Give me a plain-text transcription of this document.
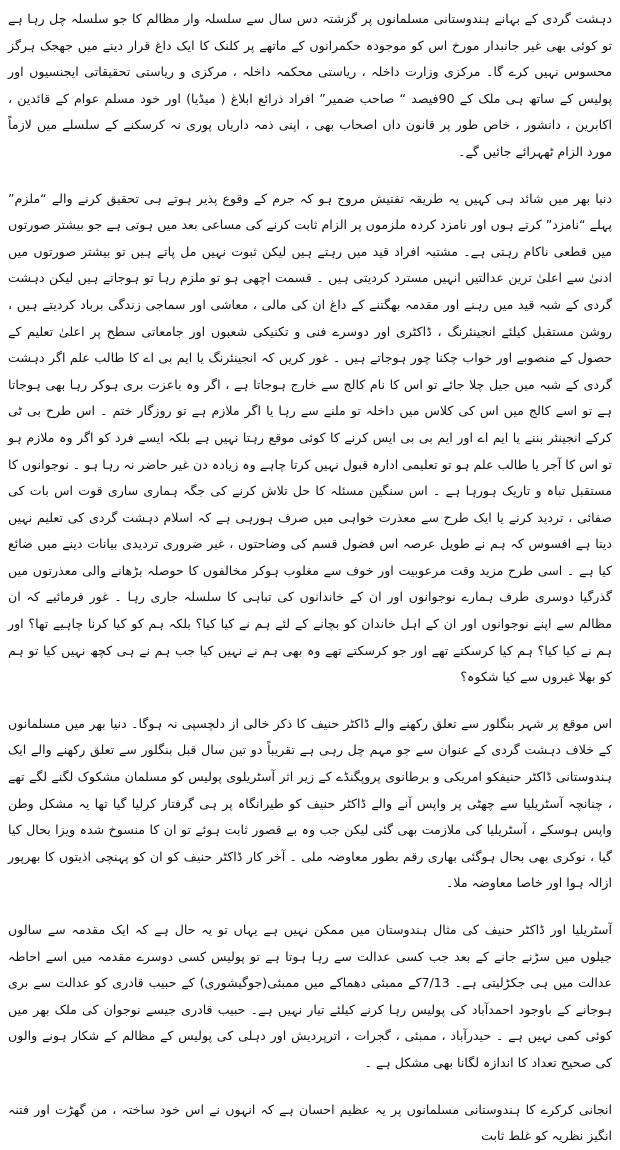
دہشت گردی کے بہانے ہندوستانی مسلمانوں پر گزشتہ دس سال سے سلسلہ وار مظالم کا جو سلسلہ چل رہا ہے تو کوئی بھی غیر جانبدار مورخ اس کو موجودہ حکمرانوں کے ماتھے پر کلنک کا ایک داغ قرار دینے میں جھجک ہرگز محسوس نہیں کرے گا۔ مرکزی وزارت داخلہ ، ریاستی محکمہ داخلہ ، مرکزی و ریاستی تحقیقاتی ایجنسیوں اور پولیس کے ساتھ ہی ملک کے 90فیصد “ صاحب ضمیر” افراد ذرائع ابلاغ ( میڈیا) اور خود مسلم عوام کے قائدین ، اکابرین ، دانشور ، خاص طور پر قانون داں اصحاب بھی ، اپنی ذمہ داریاں پوری نہ کرسکنے کے سلسلے میں لازماً مورد الزام ٹھہرائے جائیں گے۔

دنیا بھر میں شائد ہی کہیں یہ طریقہ تفتیش مروج ہو کہ جرم کے وقوع پذیر ہوتے ہی تحقیق کرنے والے “ملزم” پہلے “نامزد” کرتے ہوں اور نامزد کردہ ملزموں پر الزام ثابت کرنے کی مساعی بعد میں ہوتی ہے جو بیشتر صورتوں میں قطعی ناکام رہتی ہے۔ مشتبہ افراد قید میں رہتے ہیں لیکن ثبوت نہیں مل پاتے ہیں تو بیشتر صورتوں میں ادنیٰ سے اعلیٰ ترین عدالتیں انہیں مسترد کردیتی ہیں ۔ قسمت اچھی ہو تو ملزم رہا تو ہوجاتے ہیں لیکن دہشت گردی کے شبہ قید میں رہنے اور مقدمہ بھگتنے کے داغ ان کی مالی ، معاشی اور سماجی زندگی برباد کردیتے ہیں ، روشن مستقبل کیلئے انجینئرنگ ، ڈاکٹری اور دوسرے فنی و تکنیکی شعبوں اور جامعاتی سطح پر اعلیٰ تعلیم کے حصول کے منصوبے اور خواب چکنا چور ہوجاتے ہیں ۔ غور کریں کہ انجینئرنگ یا ایم بی اے کا طالب علم اگر دہشت گردی کے شبہ میں جیل چلا جائے تو اس کا نام کالج سے خارج ہوجاتا ہے ، اگر وہ باعزت بری ہوکر رہا بھی ہوجاتا ہے تو اسے کالج میں اس کی کلاس میں داخلہ تو ملنے سے رہا یا اگر ملازم ہے تو روزگار ختم ۔ اس طرح بی ٹی کرکے انجینئر بننے یا ایم اے اور ایم بی بی ایس کرنے کا کوئی موقع رہتا نہیں ہے بلکہ ایسے فرد کو اگر وہ ملازم ہو تو اس کا آجر یا طالب علم ہو تو تعلیمی ادارہ قبول نہیں کرتا چاہے وہ زیادہ دن غیر حاضر نہ رہا ہو ۔ نوجوانوں کا مستقبل تباہ و تاریک ہورہا ہے ۔ اس سنگین مسئلہ کا حل تلاش کرنے کی جگہ ہماری ساری قوت اس بات کی صفائی ، تردید کرنے یا ایک طرح سے معذرت خواہی میں صرف ہورہی ہے کہ اسلام دہشت گردی کی تعلیم نہیں دیتا ہے افسوس کہ ہم نے طویل عرصہ اس فضول قسم کی وضاحتوں ، غیر ضروری تردیدی بیانات دینے میں ضائع کیا ہے ۔ اسی طرح مزید وقت مرعوبیت اور خوف سے مغلوب ہوکر مخالفوں کا حوصلہ بڑھانے والی معذرتوں میں گذرگیا دوسری طرف ہمارے نوجوانوں اور ان کے خاندانوں کی تباہی کا سلسلہ جاری رہا ۔ غور فرمائیے کہ ان مظالم سے اپنے نوجوانوں اور ان کے اہل خاندان کو بچانے کے لئے ہم نے کیا کیا؟ بلکہ ہم کو کیا کرنا چاہیے تھا؟ اور ہم نے کیا کیا؟ ہم کیا کرسکتے تھے اور جو کرسکتے تھے وہ بھی ہم نے نہیں کیا جب ہم نے ہی کچھ نہیں کیا تو ہم کو بھلا غیروں سے کیا شکوہ؟

اس موقع پر شہر بنگلور سے تعلق رکھنے والے ڈاکٹر حنیف کا ذکر خالی از دلچسپی نہ ہوگا۔ دنیا بھر میں مسلمانوں کے خلاف دہشت گردی کے عنوان سے جو مہم چل رہی ہے تقریباً دو تین سال قبل بنگلور سے تعلق رکھنے والے ایک ہندوستانی ڈاکٹر حنیفکو امریکی و برطانوی پروپگنڈے کے زیر اثر آسٹریلوی پولیس کو مسلمان مشکوک لگنے لگے تھے ، چنانچہ آسٹریلیا سے چھٹی پر واپس آنے والے ڈاکٹر حنیف کو طیرانگاہ پر ہی گرفتار کرلیا گیا تھا یہ مشکل وطن واپس ہوسکے ، آسٹریلیا کی ملازمت بھی گئی لیکن جب وہ بے قصور ثابت ہوئے تو ان کا منسوخ شدہ ویزا بحال کیا گیا ، نوکری بھی بحال ہوگئی بھاری رقم بطور معاوضہ ملی ۔ آخر کار ڈاکٹر حنیف کو ان کو پہنچی اذیتوں کا بھرپور ازالہ ہوا اور خاصا معاوضہ ملا۔

آسٹریلیا اور ڈاکٹر حنیف کی مثال ہندوستان میں ممکن نہیں ہے یہاں تو یہ حال ہے کہ ایک مقدمہ سے سالوں جیلوں میں سڑنے جانے کے بعد جب کسی عدالت سے رہا ہوتا ہے تو پولیس کسی دوسرے مقدمہ میں اسے احاطہ عدالت میں ہی جکڑلیتی ہے۔ 7/13کے ممبئی دھماکے میں ممبئی(جوگیشوری) کے حبیب قادری کو عدالت سے بری ہوجانے کے باوجود احمدآباد کی پولیس رہا کرنے کیلئے تیار نہیں ہے۔ حبیب قادری جیسے نوجوان کی ملک بھر میں کوئی کمی نہیں ہے ۔ حیدرآباد ، ممبئی ، گجرات ، اترپردیش اور دہلی کی پولیس کے مظالم کے شکار ہونے والوں کی صحیح تعداد کا اندازہ لگانا بھی مشکل ہے ۔

انجانی کرکرے کا ہندوستانی مسلمانوں پر یہ عظیم احسان ہے کہ انہوں نے اس خود ساختہ ، من گھڑت اور فتنہ انگیز نظریہ کو غلط ثابت
